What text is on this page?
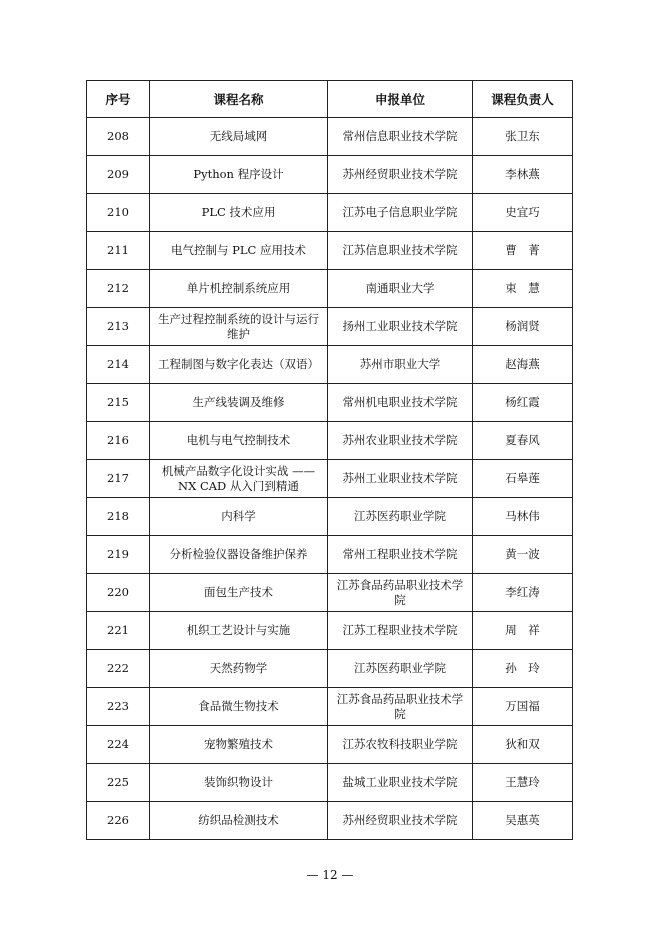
序号	课程名称	申报单位	课程负责人
208	无线局域网	常州信息职业技术学院	张卫东
209	Python 程序设计	苏州经贸职业技术学院	李林燕
210	PLC 技术应用	江苏电子信息职业学院	史宜巧
211	电气控制与 PLC 应用技术	江苏信息职业技术学院	曹　菁
212	单片机控制系统应用	南通职业大学	束　慧
213	生产过程控制系统的设计与运行维护	扬州工业职业技术学院	杨润贤
214	工程制图与数字化表达（双语）	苏州市职业大学	赵海燕
215	生产线装调及维修	常州机电职业技术学院	杨红霞
216	电机与电气控制技术	苏州农业职业技术学院	夏春风
217	机械产品数字化设计实战 ——NX CAD 从入门到精通	苏州工业职业技术学院	石皋莲
218	内科学	江苏医药职业学院	马林伟
219	分析检验仪器设备维护保养	常州工程职业技术学院	黄一波
220	面包生产技术	江苏食品药品职业技术学院	李红涛
221	机织工艺设计与实施	江苏工程职业技术学院	周　祥
222	天然药物学	江苏医药职业学院	孙　玲
223	食品微生物技术	江苏食品药品职业技术学院	万国福
224	宠物繁殖技术	江苏农牧科技职业学院	狄和双
225	装饰织物设计	盐城工业职业技术学院	王慧玲
226	纺织品检测技术	苏州经贸职业技术学院	吴惠英
— 12 —
